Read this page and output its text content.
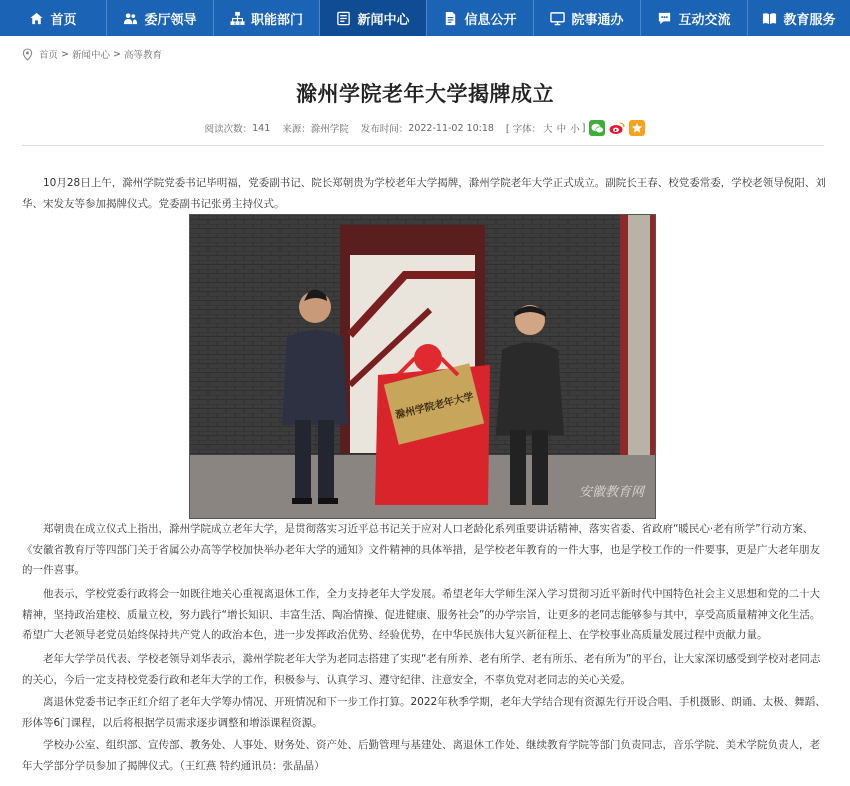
首页	委厅领导	职能部门	新闻中心	信息公开	院事通办	互动交流	教育服务
首页 > 新闻中心 > 高等教育
滁州学院老年大学揭牌成立
阅读次数： 141 来源： 滁州学院 发布时间： 2022-11-02 10:18 [ 字体： 大 中 小 ]

10月28日上午，滁州学院党委书记毕明福，党委副书记、院长郑朝贵为学校老年大学揭牌，滁州学院老年大学正式成立。副院长王春、校党委常委，学校老领导倪阳、刘华、宋发友等参加揭牌仪式。党委副书记张勇主持仪式。

滁州学院老年大学
安徽教育网

郑朝贵在成立仪式上指出，滁州学院成立老年大学，是贯彻落实习近平总书记关于应对人口老龄化系列重要讲话精神，落实省委、省政府“暖民心·老有所学”行动方案、《安徽省教育厅等四部门关于省属公办高等学校加快举办老年大学的通知》文件精神的具体举措，是学校老年教育的一件大事，也是学校工作的一件要事，更是广大老年朋友的一件喜事。

他表示，学校党委行政将会一如既往地关心重视离退休工作，全力支持老年大学发展。希望老年大学师生深入学习贯彻习近平新时代中国特色社会主义思想和党的二十大精神，坚持政治建校、质量立校，努力践行“增长知识、丰富生活、陶冶情操、促进健康、服务社会”的办学宗旨，让更多的老同志能够参与其中，享受高质量精神文化生活。希望广大老领导老党员始终保持共产党人的政治本色，进一步发挥政治优势、经验优势，在中华民族伟大复兴新征程上、在学校事业高质量发展过程中贡献力量。

老年大学学员代表、学校老领导刘华表示，滁州学院老年大学为老同志搭建了实现“老有所养、老有所学、老有所乐、老有所为”的平台，让大家深切感受到学校对老同志的关心，今后一定支持校党委行政和老年大学的工作，积极参与、认真学习、遵守纪律、注意安全，不辜负党对老同志的关心关爱。

离退休党委书记李正红介绍了老年大学筹办情况、开班情况和下一步工作打算。2022年秋季学期，老年大学结合现有资源先行开设合唱、手机摄影、朗诵、太极、舞蹈、形体等6门课程，以后将根据学员需求逐步调整和增添课程资源。

学校办公室、组织部、宣传部、教务处、人事处、财务处、资产处、后勤管理与基建处、离退休工作处、继续教育学院等部门负责同志，音乐学院、美术学院负责人，老年大学部分学员参加了揭牌仪式。（王红燕 特约通讯员：张晶晶）
